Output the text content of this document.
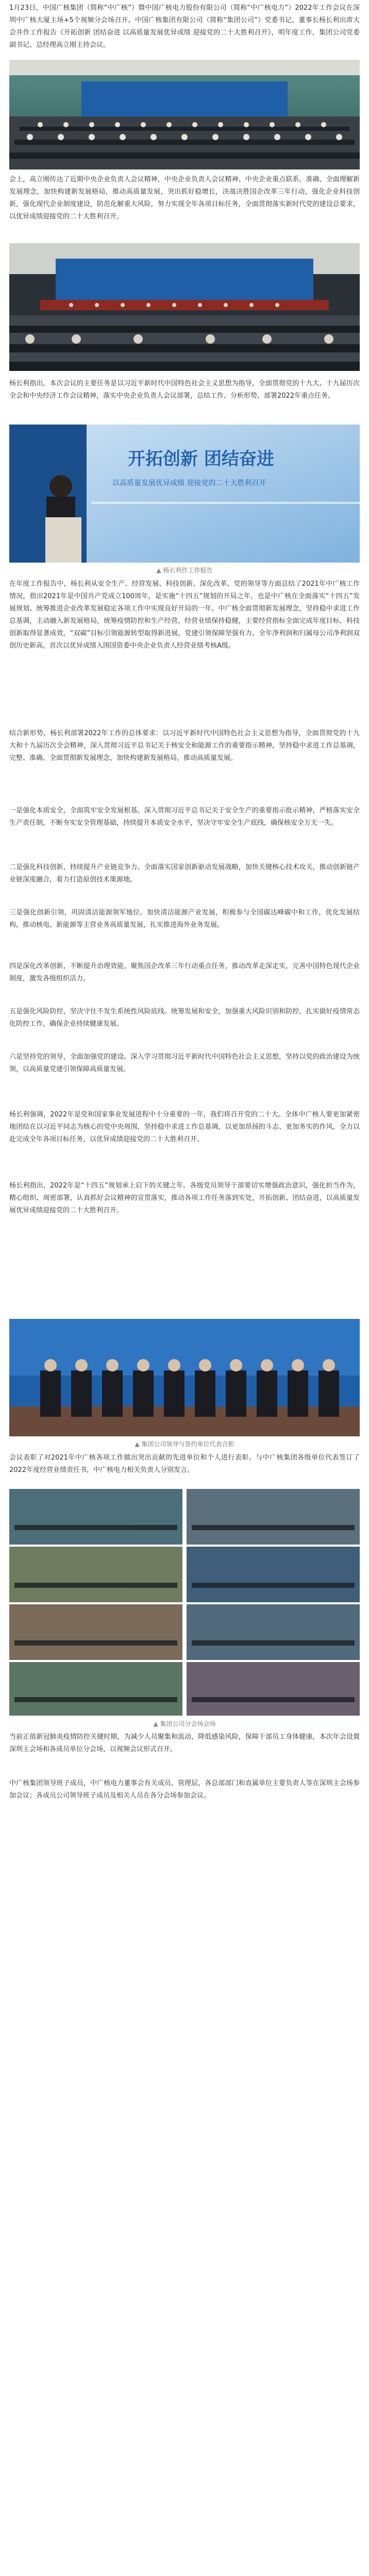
1月23日，中国广核集团（简称“中广核”）暨中国广核电力股份有限公司（简称“中广核电力”）2022年工作会议在深圳中广核大厦主场+5个视频分会场召开。中国广核集团有限公司（简称“集团公司”）党委书记、董事长杨长利出席大会并作工作报告《开拓创新 团结奋进 以高质量发展优异成绩 迎接党的二十大胜利召开》，明年度工作，集团公司党委副书记、总经理高立刚主持会议。

会上，高立刚传达了近期中央企业负责人会议精神，中央企业负责人会议精神、中央企业重点联系，准确、全面理解新发展理念，加快构建新发展格局，推动高质量发展，突出抓好稳增长，决战决胜国企改革三年行动，强化企业科技创新，强化现代企业制度建设，防范化解重大风险，努力实现全年各项目标任务，全面贯彻落实新时代党的建设总要求，以优异成绩迎接党的二十大胜利召开。

杨长利指出，本次会议的主要任务是以习近平新时代中国特色社会主义思想为指导，全面贯彻党的十九大、十九届历次全会和中央经济工作会议精神，落实中央企业负责人会议部署，总结工作、分析形势，部署2022年重点任务。

开拓创新 团结奋进
以高质量发展优异成绩 迎接党的二十大胜利召开
▲ 杨长利作工作报告

在年度工作报告中，杨长利从安全生产、经营发展、科技创新、深化改革、党的领导等方面总结了2021年中广核工作情况，指出2021年是中国共产党成立100周年，是实施“十四五”规划的开局之年，也是中广核在全面落实“十四五”发展规划、统筹推进企业改革发展稳定各项工作中实现良好开局的一年。中广核全面贯彻新发展理念，坚持稳中求进工作总基调，主动融入新发展格局，统筹疫情防控和生产经营，经营业绩保持稳健，主要经营指标全面完成年度目标，科技创新取得显著成效，“双碳”目标引领能源转型取得新进展，党建引领保障坚强有力。全年净利润和归属母公司净利润双创历史新高，首次以优异成绩入围国资委中央企业负责人经营业绩考核A级。

结合新形势，杨长利部署2022年工作的总体要求：以习近平新时代中国特色社会主义思想为指导，全面贯彻党的十九大和十九届历次全会精神，深入贯彻习近平总书记关于核安全和能源工作的重要指示精神，坚持稳中求进工作总基调，完整、准确、全面贯彻新发展理念，加快构建新发展格局，推动高质量发展。

一是强化本质安全，全面筑牢安全发展根基。深入贯彻习近平总书记关于安全生产的重要指示批示精神，严格落实安全生产责任制，不断夯实安全管理基础，持续提升本质安全水平，坚决守牢安全生产底线，确保核安全万无一失。

二是强化科技创新，持续提升产业链竞争力。全面落实国家创新驱动发展战略，加快关键核心技术攻关，推动创新链产业链深度融合，着力打造原创技术策源地。

三是强化创新引领，巩固清洁能源领军地位。加快清洁能源产业发展，积极参与全国碳达峰碳中和工作，优化发展结构，推动核电、新能源等主营业务高质量发展，扎实推进海外业务发展。

四是深化改革创新，不断提升治理效能。聚焦国企改革三年行动重点任务，推动改革走深走实，完善中国特色现代企业制度，激发各级组织活力。

五是强化风险防控，坚决守住不发生系统性风险底线。统筹发展和安全，加强重大风险识别和防控，扎实做好疫情常态化防控工作，确保企业持续健康发展。

六是坚持党的领导，全面加强党的建设。深入学习贯彻习近平新时代中国特色社会主义思想，坚持以党的政治建设为统领，以高质量党建引领保障高质量发展。

杨长利强调，2022年是党和国家事业发展进程中十分重要的一年，我们将召开党的二十大。全体中广核人要更加紧密地团结在以习近平同志为核心的党中央周围，坚持稳中求进工作总基调，以更加昂扬的斗志、更加务实的作风，全力以赴完成全年各项目标任务，以优异成绩迎接党的二十大胜利召开。

杨长利指出，2022年是“十四五”规划承上启下的关键之年。各级党员领导干部要切实增强政治意识，强化担当作为，精心组织、周密部署，认真抓好会议精神的宣贯落实，推动各项工作任务落到实处，开拓创新、团结奋进，以高质量发展优异成绩迎接党的二十大胜利召开。

▲ 集团公司领导与签约单位代表合影

会议表彰了对2021年中广核各项工作做出突出贡献的先进单位和个人进行表彰。与中广核集团各级单位代表签订了2022年度经营业绩责任书，中广核电力相关负责人分别发言。

▲ 集团公司分会场会场

当前正值新冠肺炎疫情防控关键时期，为减少人员聚集和流动，降低感染风险，保障干部员工身体健康，本次年会设置深圳主会场和各成员单位分会场，以视频会议形式召开。

中广核集团领导班子成员，中广核电力董事会有关成员、管理层，各总部部门和直属单位主要负责人等在深圳主会场参加会议；各成员公司领导班子成员及相关人员在各分会场参加会议。
